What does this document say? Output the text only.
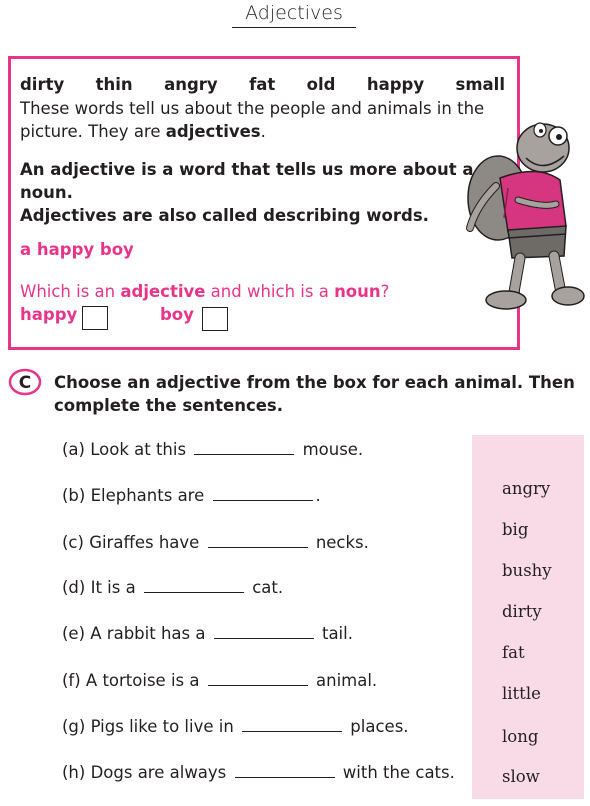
Adjectives
dirty thin angry fat old happy small
These words tell us about the people and animals in the picture. They are adjectives.
An adjective is a word that tells us more about a noun.
Adjectives are also called describing words.
a happy boy
Which is an adjective and which is a noun?
happy	boy
C Choose an adjective from the box for each animal. Then complete the sentences.
(a) Look at this	mouse.
(b) Elephants are	.
(c) Giraffes have	necks.
(d) It is a	cat.
(e) A rabbit has a	tail.
(f) A tortoise is a	animal.
(g) Pigs like to live in	places.
(h) Dogs are always	with the cats.
angry
big
bushy
dirty
fat
little
long
slow
